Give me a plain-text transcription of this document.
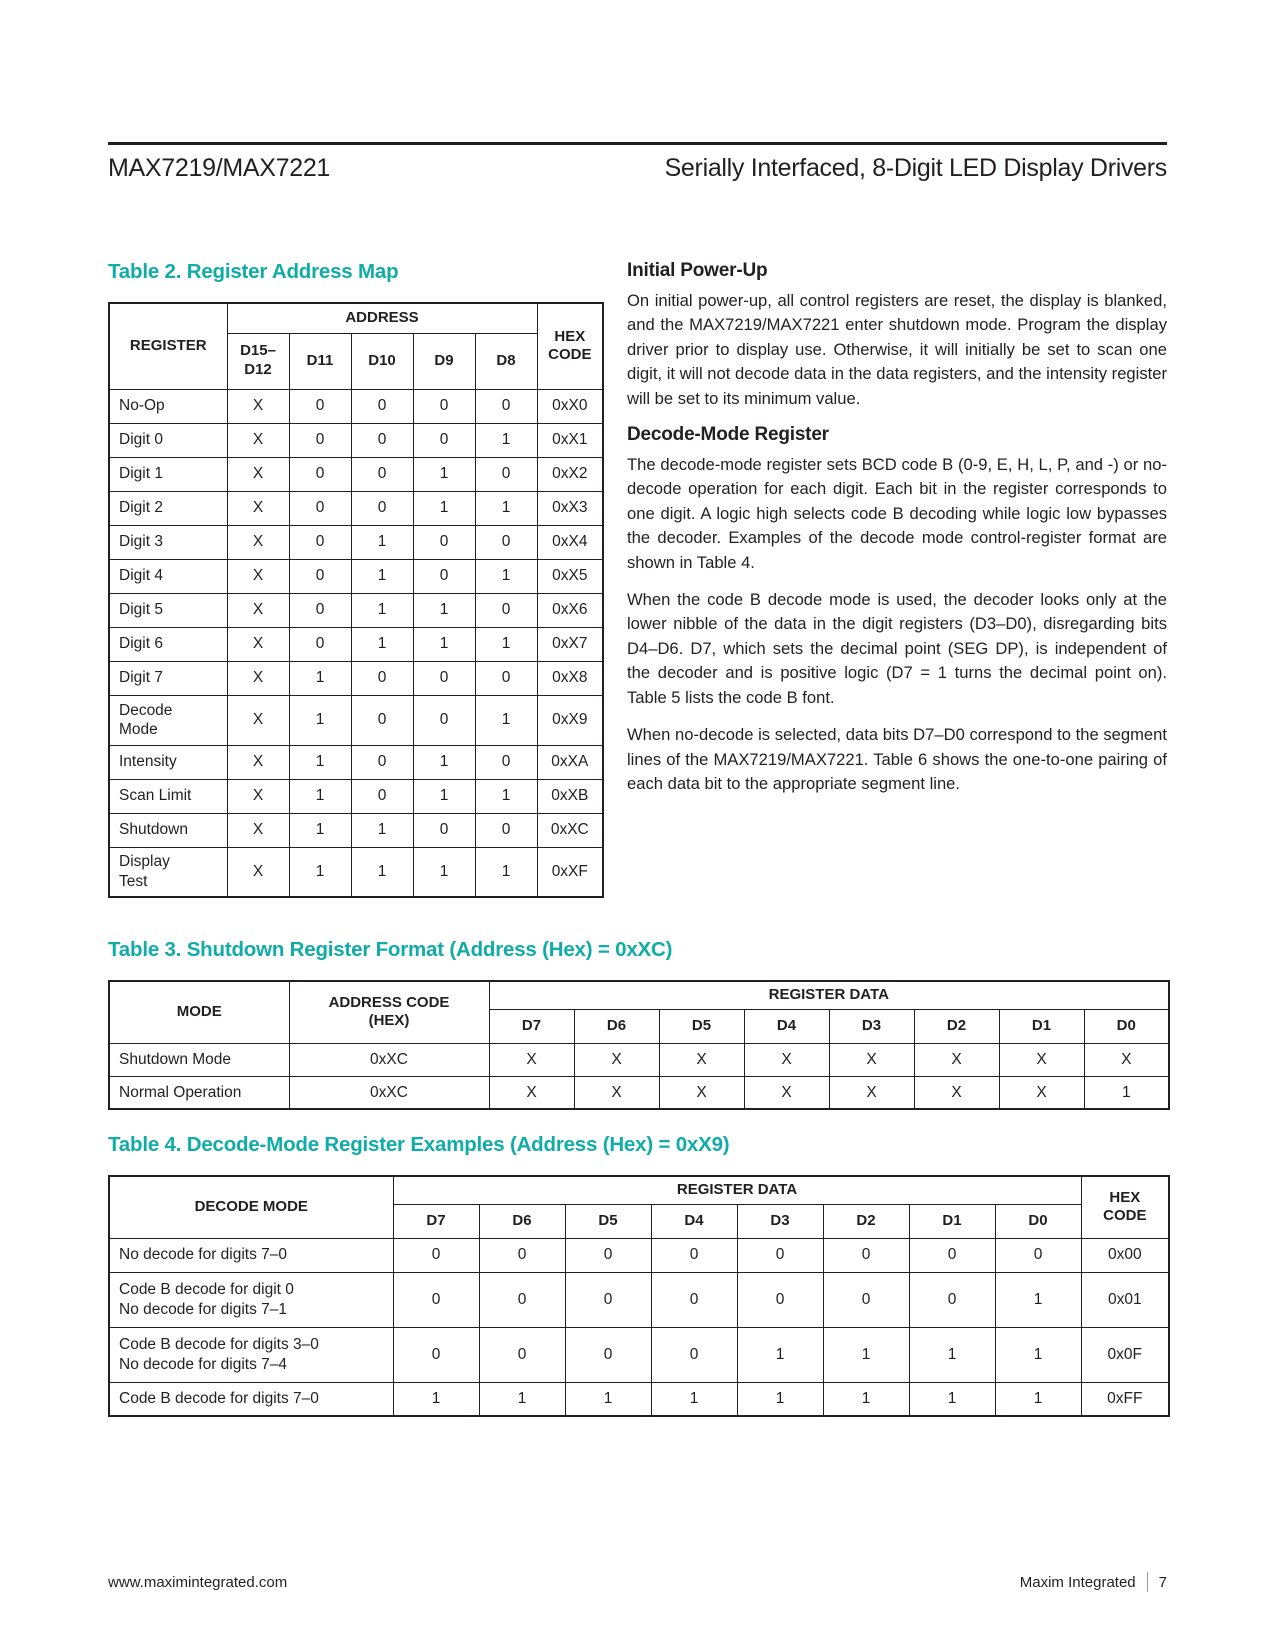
MAX7219/MAX7221	Serially Interfaced, 8-Digit LED Display Drivers
Table 2. Register Address Map
REGISTER	ADDRESS					HEX CODE

	D15–
D12	D11	D10	D9	D8	

No-Op	X	0	0	0	0	0xX0

Digit 0	X	0	0	0	1	0xX1

Digit 1	X	0	0	1	0	0xX2

Digit 2	X	0	0	1	1	0xX3

Digit 3	X	0	1	0	0	0xX4

Digit 4	X	0	1	0	1	0xX5

Digit 5	X	0	1	1	0	0xX6

Digit 6	X	0	1	1	1	0xX7

Digit 7	X	1	0	0	0	0xX8

Decode
Mode	X	1	0	0	1	0xX9

Intensity	X	1	0	1	0	0xXA

Scan Limit	X	1	0	1	1	0xXB

Shutdown	X	1	1	0	0	0xXC

Display
Test	X	1	1	1	1	0xXF
Initial Power-Up

On initial power-up, all control registers are reset, the display is blanked, and the MAX7219/MAX7221 enter shutdown mode. Program the display driver prior to display use. Otherwise, it will initially be set to scan one digit, it will not decode data in the data registers, and the intensity register will be set to its minimum value.

Decode-Mode Register

The decode-mode register sets BCD code B (0-9, E, H, L, P, and -) or no-decode operation for each digit. Each bit in the register corresponds to one digit. A logic high selects code B decoding while logic low bypasses the decoder. Examples of the decode mode control-register format are shown in Table 4.

When the code B decode mode is used, the decoder looks only at the lower nibble of the data in the digit registers (D3–D0), disregarding bits D4–D6. D7, which sets the decimal point (SEG DP), is independent of the decoder and is positive logic (D7 = 1 turns the decimal point on). Table 5 lists the code B font.

When no-decode is selected, data bits D7–D0 correspond to the segment lines of the MAX7219/MAX7221. Table 6 shows the one-to-one pairing of each data bit to the appropriate segment line.

Table 3. Shutdown Register Format (Address (Hex) = 0xXC)
MODE	ADDRESS CODE
(HEX)	REGISTER DATA							
		D7	D6	D5	D4	D3	D2	D1	D0
Shutdown Mode	0xXC	X	X	X	X	X	X	X	X
Normal Operation	0xXC	X	X	X	X	X	X	X	1
Table 4. Decode-Mode Register Examples (Address (Hex) = 0xX9)
DECODE MODE	REGISTER DATA								HEX CODE
	D7	D6	D5	D4	D3	D2	D1	D0	

No decode for digits 7–0	0	0	0	0	0	0	0	0	0x00

Code B decode for digit 0
No decode for digits 7–1	0	0	0	0	0	0	0	1	0x01

Code B decode for digits 3–0
No decode for digits 7–4	0	0	0	0	1	1	1	1	0x0F

Code B decode for digits 7–0	1	1	1	1	1	1	1	1	0xFF
www.maximintegrated.com	Maxim Integrated 7
